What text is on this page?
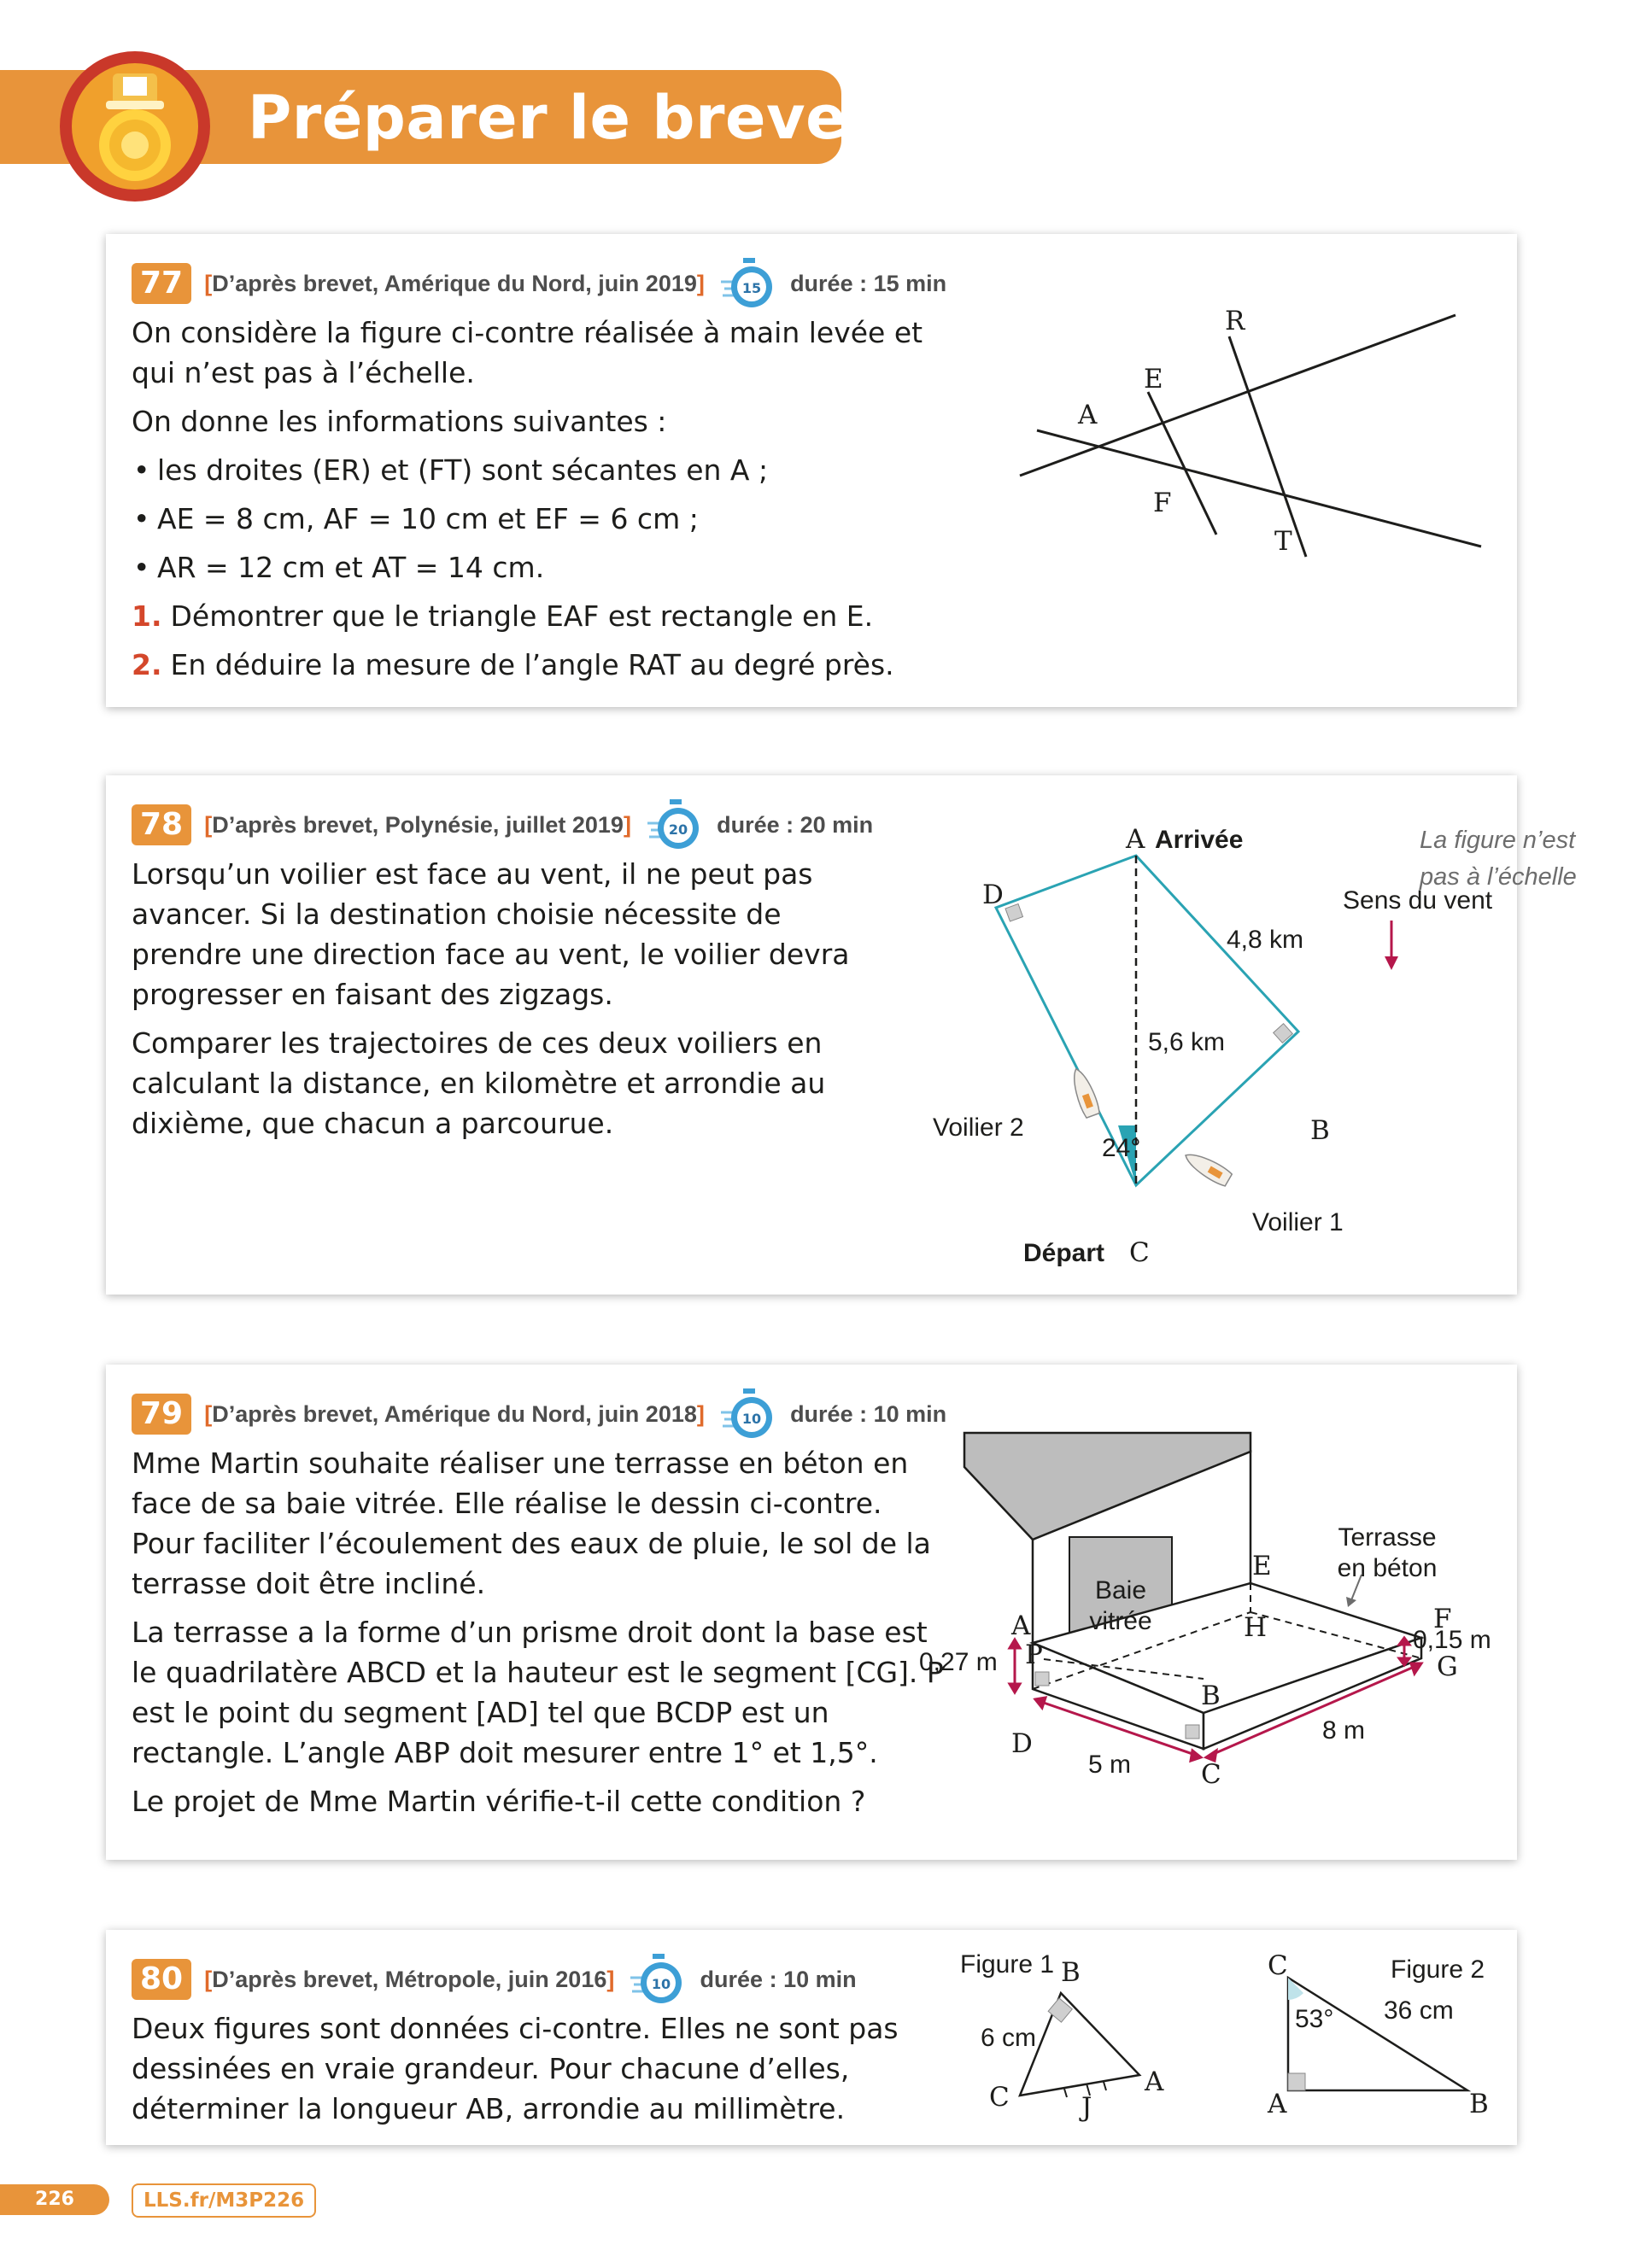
Préparer le brevet
77 [D’après brevet, Amérique du Nord, juin 2019]	15 durée : 15 min

On considère la figure ci-contre réalisée à main levée et qui n’est pas à l’échelle.

On donne les informations suivantes :

• les droites (ER) et (FT) sont sécantes en A ;
• AE = 8 cm, AF = 10 cm et EF = 6 cm ;
• AR = 12 cm et AT = 14 cm.

1. Démontrer que le triangle EAF est rectangle en E.

2. En déduire la mesure de l’angle RAT au degré près.

A
E
R
F
T
78 [D’après brevet, Polynésie, juillet 2019]	20 durée : 20 min

Lorsqu’un voilier est face au vent, il ne peut pas avancer. Si la destination choisie nécessite de prendre une direction face au vent, le voilier devra progresser en faisant des zigzags.

Comparer les trajectoires de ces deux voiliers en calculant la distance, en kilomètre et arrondie au dixième, que chacun a parcourue.

A Arrivée
D
B
C
Départ
4,8 km
5,6 km
24°
Voilier 1
Voilier 2
La figure n’est
pas à l’échelle
Sens du vent
79 [D’après brevet, Amérique du Nord, juin 2018]	10 durée : 10 min

Mme Martin souhaite réaliser une terrasse en béton en face de sa baie vitrée. Elle réalise le dessin ci-contre. Pour faciliter l’écoulement des eaux de pluie, le sol de la terrasse doit être incliné.

La terrasse a la forme d’un prisme droit dont la base est le quadrilatère ABCD et la hauteur est le segment [CG]. P est le point du segment [AD] tel que BCDP est un rectangle. L’angle ABP doit mesurer entre 1° et 1,5°.

Le projet de Mme Martin vérifie-t-il cette condition ?

Baie
vitrée
Terrasse
en béton
A
B
C
D
E
F
G
H
P
0,27 m
0,15 m
5 m
8 m
80 [D’après brevet, Métropole, juin 2016]	10 durée : 10 min

Deux figures sont données ci-contre. Elles ne sont pas dessinées en vraie grandeur. Pour chacune d’elles, déterminer la longueur AB, arrondie au millimètre.

Figure 1 B
A
C	J
6 cm
C
A	B
Figure 2
36 cm
53°
226	LLS.fr/M3P226
